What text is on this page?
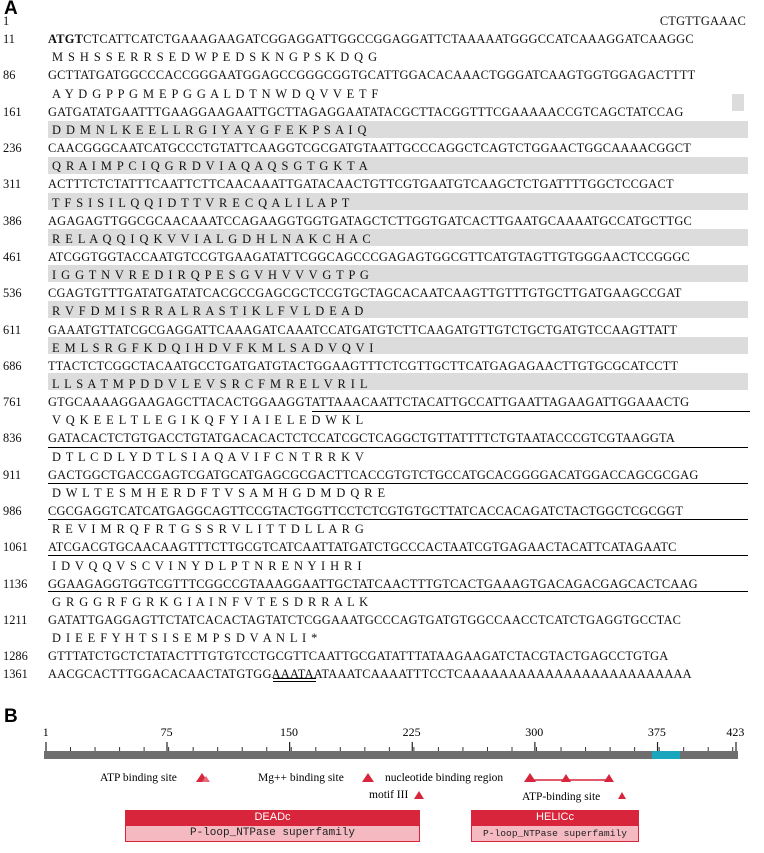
A
1	CTGTTGAAAC
11	ATGTCTCATTCATCTGAAAGAAGATCGGAGGATTGGCCGGAGGATTCTAAAAATGGGCCATCAAAGGATCAAGGC
M  S  H  S  S  E  R  R  S  E  D  W  P  E  D  S  K  N  G  P  S  K  D  Q  G
86	GCTTATGATGGCCCACCGGGAATGGAGCCGGGCGGTGCATTGGACACAAACTGGGATCAAGTGGTGGAGACTTTT
A  Y  D  G  P  P  G  M  E  P  G  G  A  L  D  T  N  W  D  Q  V  V  E  T  F
161 GATGATATGAATTTGAAGGAAGAATTGCTTAGAGGAATATACGCTTACGGTTTCGAAAAACCGTCAGCTATCCAG
D  D  M  N  L  K  E  E  L  L  R  G  I  Y  A  Y  G  F  E  K  P  S  A  I  Q
236 CAACGGGCAATCATGCCCTGTATTCAAGGTCGCGATGTAATTGCCCAGGCTCAGTCTGGAACTGGCAAAACGGCT
Q  R  A  I  M  P  C  I  Q  G  R  D  V  I  A  Q  A  Q  S  G  T  G  K  T  A
311 ACTTTCTCTATTTCAATTCTTCAACAAATTGATACAACTGTTCGTGAATGTCAAGCTCTGATTTTGGCTCCGACT
T  F  S  I  S  I  L  Q  Q  I  D  T  T  V  R  E  C  Q  A  L  I  L  A  P  T
386 AGAGAGTTGGCGCAACAAATCCAGAAGGTGGTGATAGCTCTTGGTGATCACTTGAATGCAAAATGCCATGCTTGC
R  E  L  A  Q  Q  I  Q  K  V  V  I  A  L  G  D  H  L  N  A  K  C  H  A  C
461 ATCGGTGGTACCAATGTCCGTGAAGATATTCGGCAGCCCGAGAGTGGCGTTCATGTAGTTGTGGGAACTCCGGGC
I  G  G  T  N  V  R  E  D  I  R  Q  P  E  S  G  V  H  V  V  V  G  T  P  G
536 CGAGTGTTTGATATGATATCACGCCGAGCGCTCCGTGCTAGCACAATCAAGTTGTTTGTGCTTGATGAAGCCGAT
R  V  F  D  M  I  S  R  R  A  L  R  A  S  T  I  K  L  F  V  L  D  E  A  D
611 GAAATGTTATCGCGAGGATTCAAAGATCAAATCCATGATGTCTTCAAGATGTTGTCTGCTGATGTCCAAGTTATT
E  M  L  S  R  G  F  K  D  Q  I  H  D  V  F  K  M  L  S  A  D  V  Q  V  I
686 TTACTCTCGGCTACAATGCCTGATGATGTACTGGAAGTTTCTCGTTGCTTCATGAGAGAACTTGTGCGCATCCTT
L  L  S  A  T  M  P  D  D  V  L  E  V  S  R  C  F  M  R  E  L  V  R  I  L
761 GTGCAAAAGGAAGAGCTTACACTGGAAGGTATTAAACAATTCTACATTGCCATTGAATTAGAAGATTGGAAACTG
V  Q  K  E  E  L  T  L  E  G  I  K  Q  F  Y  I  A  I  E  L  E  D  W  K  L
836 GATACACTCTGTGACCTGTATGACACACTCTCCATCGCTCAGGCTGTTATTTTCTGTAATACCCGTCGTAAGGTA
D  T  L  C  D  L  Y  D  T  L  S  I  A  Q  A  V  I  F  C  N  T  R  R  K  V
911 GACTGGCTGACCGAGTCGATGCATGAGCGCGACTTCACCGTGTCTGCCATGCACGGGGACATGGACCAGCGCGAG
D  W  L  T  E  S  M  H  E  R  D  F  T  V  S  A  M  H  G  D  M  D  Q  R  E
986 CGCGAGGTCATCATGAGGCAGTTCCGTACTGGTTCCTCTCGTGTGCTTATCACCACAGATCTACTGGCTCGCGGT
R  E  V  I  M  R  Q  F  R  T  G  S  S  R  V  L  I  T  T  D  L  L  A  R  G
1061 ATCGACGTGCAACAAGTTTCTTGCGTCATCAATTATGATCTGCCCACTAATCGTGAGAACTACATTCATAGAATC
I  D  V  Q  Q  V  S  C  V  I  N  Y  D  L  P  T  N  R  E  N  Y  I  H  R  I
1136 GGAAGAGGTGGTCGTTTCGGCCGTAAAGGAATTGCTATCAACTTTGTCACTGAAAGTGACAGACGAGCACTCAAG
G  R  G  G  R  F  G  R  K  G  I  A  I  N  F  V  T  E  S  D  R  R  A  L  K
1211 GATATTGAGGAGTTCTATCACACTAGTATCTCGGAAATGCCCAGTGATGTGGCCAACCTCATCTGAGGTGCCTAC
D  I  E  E  F  Y  H  T  S  I  S  E  M  P  S  D  V  A  N  L  I  *
1286 GTTTATCTGCTCTATACTTTGTGTCCTGCGTTCAATTGCGATATTTATAAGAAGATCTACGTACTGAGCCTGTGA
1361 AACGCACTTTGGACACAACTATGTGGAAATAATAAATCAAAATTTCCTCAAAAAAAAAAAAAAAAAAAAAAAAA
B
1	75	150	225	300	375	423
ATP binding site	Mg++ binding site	nucleotide binding region
motif III	ATP-binding site
DEADc
P-loop_NTPase superfamily
HELICc
P-loop_NTPase superfamily
